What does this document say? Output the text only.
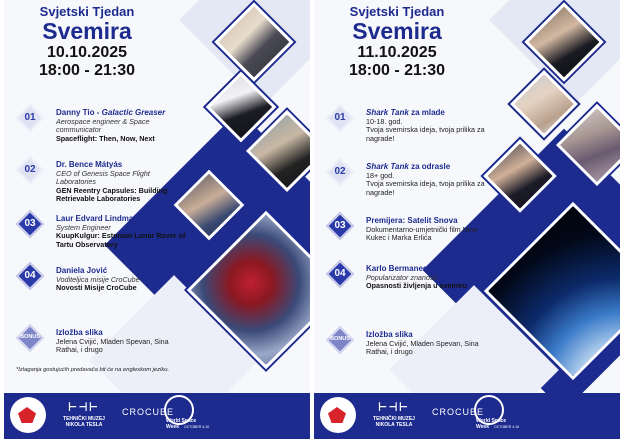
Svjetski Tjedan
Svemira
10.10.2025
18:00 - 21:30
01	Danny Tio - Galactic Greaser
Aerospace engineer & Space communicator
Spaceflight: Then, Now, Next
02	Dr. Bence Mátyás
CEO of Genesis Space Flight Laboratories
GEN Reentry Capsules: Building Retrievable Laboratories
03	Laur Edvard Lindmaa
System Engineer
KuupKulgur: Estonian Lunar Rover of Tartu Observatory
04	Daniela Jović
Voditeljica misije CroCube
Novosti Misije CroCube
BONUS Izložba slika
Jelena Cvijić, Mladen Spevan, Sina Rathai, i drugo
*Izlaganja gostujućih predavača bit će na engleskom jeziku.
⊢⊣⊢
TEHNIČKI MUZEJ NIKOLA TESLA
CROCUBE
World Space
Week	OCTOBER 4-10
Svjetski Tjedan
Svemira
11.10.2025
18:00 - 21:30
01	Shark Tank za mlade
10-18. god.
Tvoja svemirska ideja, tvoja prilika za nagrade!
02	Shark Tank za odrasle
18+ god.
Tvoja svemirska ideja, tvoja prilika za nagrade!
03	Premijera: Satelit Snova
Dokumentarno-umjetnički film Nine Kukec i Marka Erlića
04	Karlo Bermanec
Popularizator znanosti
Opasnosti življenja u svemiru
BONUS Izložba slika
Jelena Cvijić, Mladen Spevan, Sina Rathai, i drugo
⊢⊣⊢
TEHNIČKI MUZEJ NIKOLA TESLA
CROCUBE
World Space
Week	OCTOBER 4-10
